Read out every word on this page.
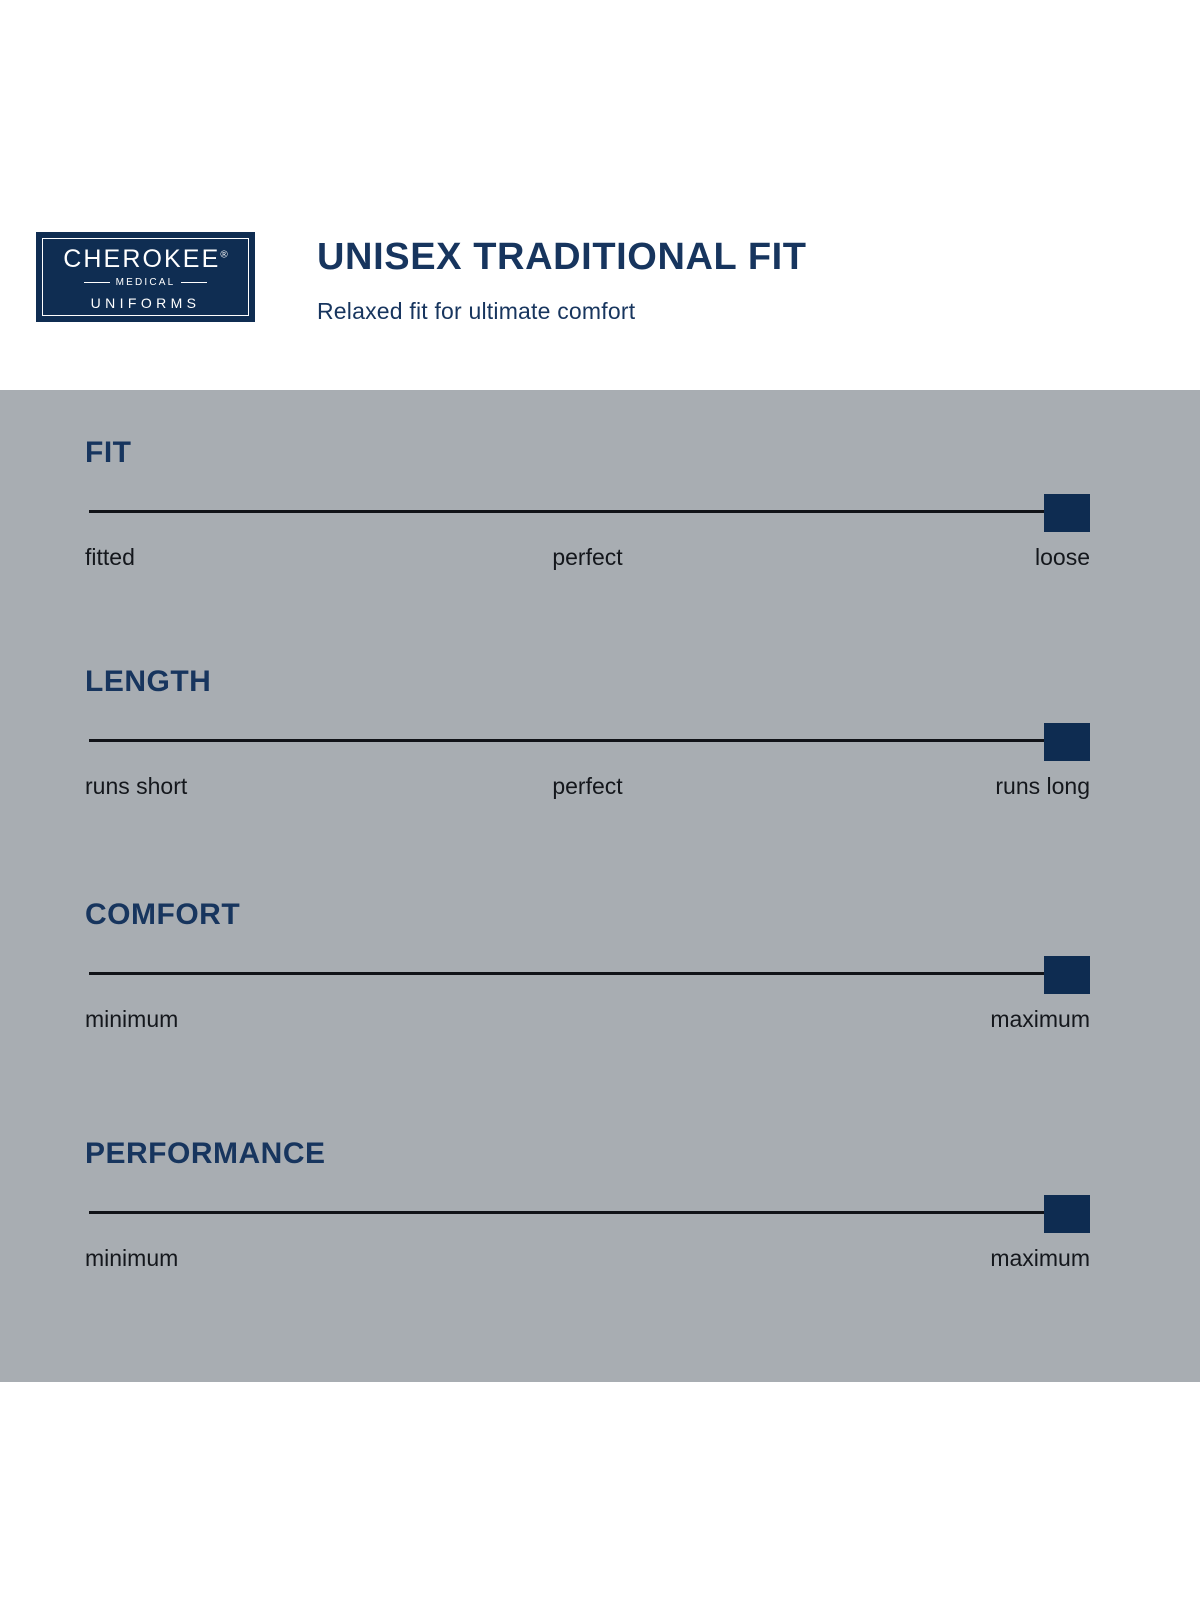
CHEROKEE®
MEDICAL
UNIFORMS
UNISEX TRADITIONAL FIT
Relaxed fit for ultimate comfort
FIT
fitted	perfect	loose
LENGTH
runs short	perfect	runs long
COMFORT
minimum	maximum
PERFORMANCE
minimum	maximum
